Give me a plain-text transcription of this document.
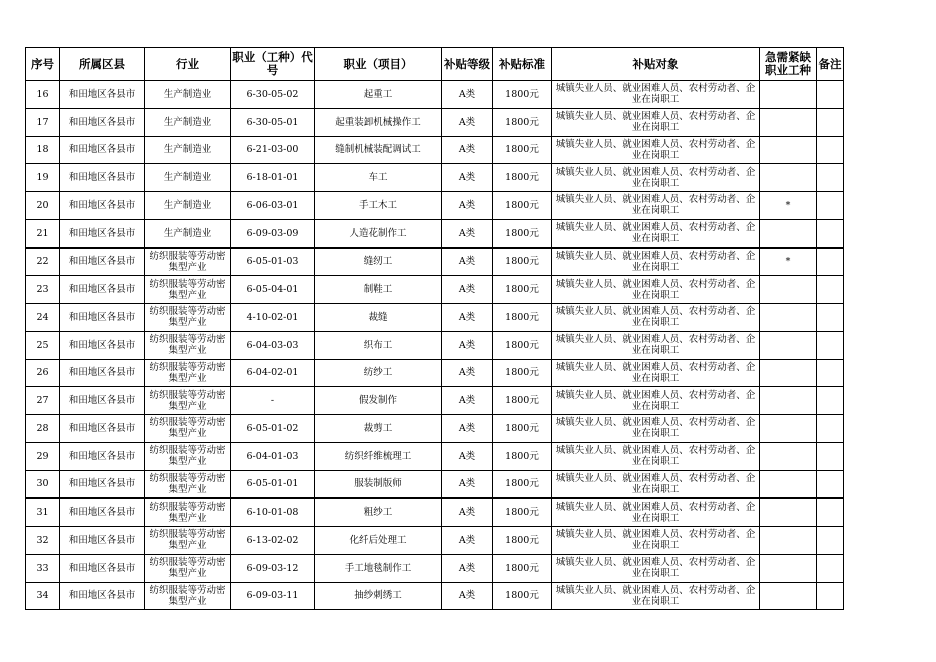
序号	所属区县	行业	职业（工种）代号	职业（项目）	补贴等级	补贴标准	补贴对象	急需紧缺职业工种	备注
16	和田地区各县市	生产制造业	6-30-05-02	起重工	A类	1800元	城镇失业人员、就业困难人员、农村劳动者、企业在岗职工		
17	和田地区各县市	生产制造业	6-30-05-01	起重装卸机械操作工	A类	1800元	城镇失业人员、就业困难人员、农村劳动者、企业在岗职工		
18	和田地区各县市	生产制造业	6-21-03-00	缝制机械装配调试工	A类	1800元	城镇失业人员、就业困难人员、农村劳动者、企业在岗职工		
19	和田地区各县市	生产制造业	6-18-01-01	车工	A类	1800元	城镇失业人员、就业困难人员、农村劳动者、企业在岗职工		
20	和田地区各县市	生产制造业	6-06-03-01	手工木工	A类	1800元	城镇失业人员、就业困难人员、农村劳动者、企业在岗职工	*	
21	和田地区各县市	生产制造业	6-09-03-09	人造花制作工	A类	1800元	城镇失业人员、就业困难人员、农村劳动者、企业在岗职工		
22	和田地区各县市	纺织服装等劳动密集型产业	6-05-01-03	缝纫工	A类	1800元	城镇失业人员、就业困难人员、农村劳动者、企业在岗职工	*	
23	和田地区各县市	纺织服装等劳动密集型产业	6-05-04-01	制鞋工	A类	1800元	城镇失业人员、就业困难人员、农村劳动者、企业在岗职工		
24	和田地区各县市	纺织服装等劳动密集型产业	4-10-02-01	裁缝	A类	1800元	城镇失业人员、就业困难人员、农村劳动者、企业在岗职工		
25	和田地区各县市	纺织服装等劳动密集型产业	6-04-03-03	织布工	A类	1800元	城镇失业人员、就业困难人员、农村劳动者、企业在岗职工		
26	和田地区各县市	纺织服装等劳动密集型产业	6-04-02-01	纺纱工	A类	1800元	城镇失业人员、就业困难人员、农村劳动者、企业在岗职工		
27	和田地区各县市	纺织服装等劳动密集型产业	-	假发制作	A类	1800元	城镇失业人员、就业困难人员、农村劳动者、企业在岗职工		
28	和田地区各县市	纺织服装等劳动密集型产业	6-05-01-02	裁剪工	A类	1800元	城镇失业人员、就业困难人员、农村劳动者、企业在岗职工		
29	和田地区各县市	纺织服装等劳动密集型产业	6-04-01-03	纺织纤维梳理工	A类	1800元	城镇失业人员、就业困难人员、农村劳动者、企业在岗职工		
30	和田地区各县市	纺织服装等劳动密集型产业	6-05-01-01	服装制版师	A类	1800元	城镇失业人员、就业困难人员、农村劳动者、企业在岗职工		
31	和田地区各县市	纺织服装等劳动密集型产业	6-10-01-08	粗纱工	A类	1800元	城镇失业人员、就业困难人员、农村劳动者、企业在岗职工		
32	和田地区各县市	纺织服装等劳动密集型产业	6-13-02-02	化纤后处理工	A类	1800元	城镇失业人员、就业困难人员、农村劳动者、企业在岗职工		
33	和田地区各县市	纺织服装等劳动密集型产业	6-09-03-12	手工地毯制作工	A类	1800元	城镇失业人员、就业困难人员、农村劳动者、企业在岗职工		
34	和田地区各县市	纺织服装等劳动密集型产业	6-09-03-11	抽纱刺绣工	A类	1800元	城镇失业人员、就业困难人员、农村劳动者、企业在岗职工		
